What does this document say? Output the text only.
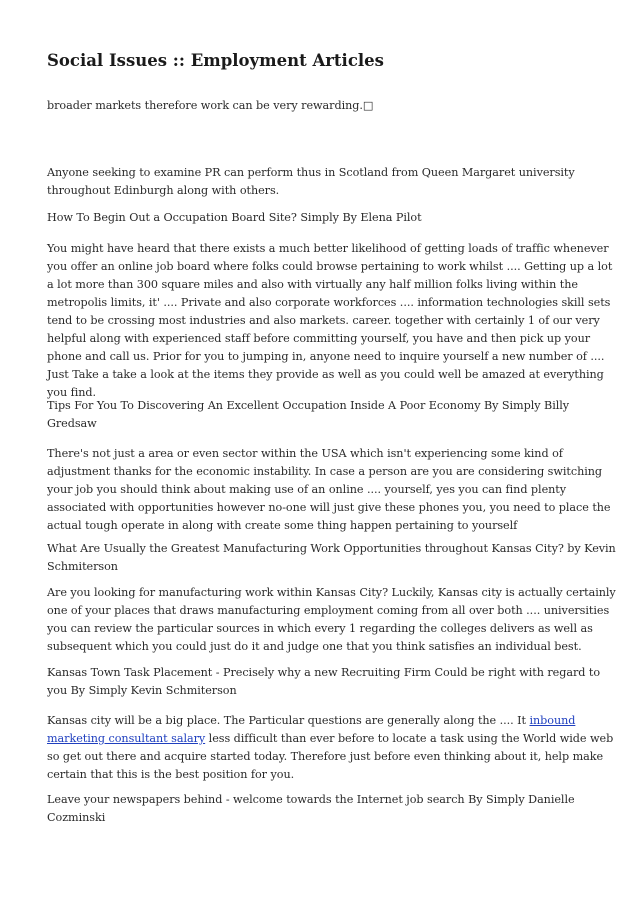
Social Issues :: Employment Articles

broader markets therefore work can be very rewarding.□

Anyone seeking to examine PR can perform thus in Scotland from Queen Margaret university
throughout Edinburgh along with others.

How To Begin Out a Occupation Board Site? Simply By Elena Pilot

You might have heard that there exists a much better likelihood of getting loads of traffic whenever
you offer an online job board where folks could browse pertaining to work whilst .... Getting up a lot
a lot more than 300 square miles and also with virtually any half million folks living within the
metropolis limits, it' .... Private and also corporate workforces .... information technologies skill sets
tend to be crossing most industries and also markets. career. together with certainly 1 of our very
helpful along with experienced staff before committing yourself, you have and then pick up your
phone and call us. Prior for you to jumping in, anyone need to inquire yourself a new number of ....
Just Take a take a look at the items they provide as well as you could well be amazed at everything
you find.

Tips For You To Discovering An Excellent Occupation Inside A Poor Economy By Simply Billy
Gredsaw

There's not just a area or even sector within the USA which isn't experiencing some kind of
adjustment thanks for the economic instability. In case a person are you are considering switching
your job you should think about making use of an online .... yourself, yes you can find plenty
associated with opportunities however no-one will just give these phones you, you need to place the
actual tough operate in along with create some thing happen pertaining to yourself

What Are Usually the Greatest Manufacturing Work Opportunities throughout Kansas City? by Kevin
Schmiterson

Are you looking for manufacturing work within Kansas City? Luckily, Kansas city is actually certainly
one of your places that draws manufacturing employment coming from all over both .... universities
you can review the particular sources in which every 1 regarding the colleges delivers as well as
subsequent which you could just do it and judge one that you think satisfies an individual best.

Kansas Town Task Placement - Precisely why a new Recruiting Firm Could be right with regard to
you By Simply Kevin Schmiterson

Kansas city will be a big place. The Particular questions are generally along the .... It inbound
marketing consultant salary less difficult than ever before to locate a task using the World wide web
so get out there and acquire started today. Therefore just before even thinking about it, help make
certain that this is the best position for you.

Leave your newspapers behind - welcome towards the Internet job search By Simply Danielle
Cozminski
